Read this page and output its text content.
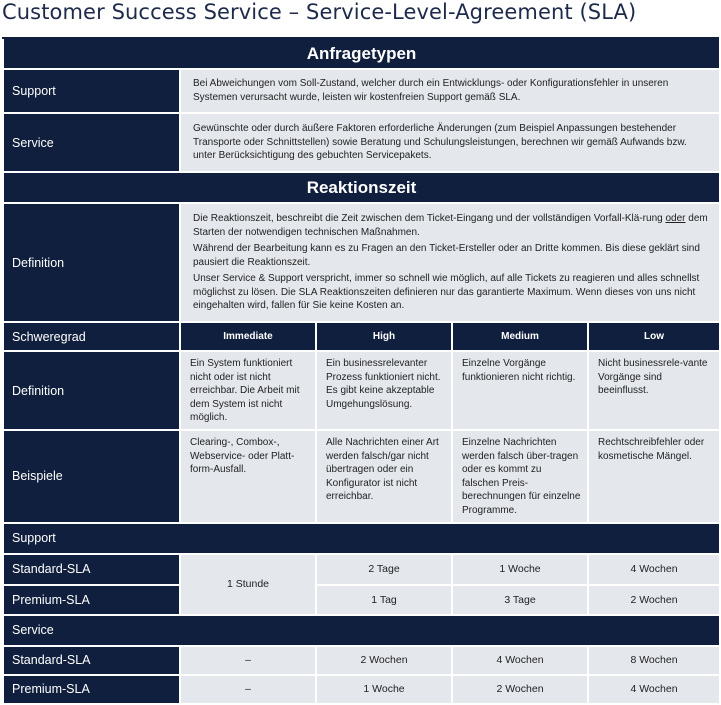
Customer Success Service – Service-Level-Agreement (SLA)
Anfragetypen				
Support	Bei Abweichungen vom Soll-Zustand, welcher durch ein Entwicklungs- oder Konfigurationsfehler in unseren Systemen verursacht wurde, leisten wir kostenfreien Support gemäß SLA.			
Service	Gewünschte oder durch äußere Faktoren erforderliche Änderungen (zum Beispiel Anpassungen bestehender Transporte oder Schnittstellen) sowie Beratung und Schulungsleistungen, berechnen wir gemäß Aufwands bzw. unter Berücksichtigung des gebuchten Servicepakets.			
Reaktionszeit				
Definition	Die Reaktionszeit, beschreibt die Zeit zwischen dem Ticket-Eingang und der vollständigen Vorfall-Klä-rung oder dem Starten der notwendigen technischen Maßnahmen.

Während der Bearbeitung kann es zu Fragen an den Ticket-Ersteller oder an Dritte kommen. Bis diese geklärt sind pausiert die Reaktionszeit.

Unser Service & Support verspricht, immer so schnell wie möglich, auf alle Tickets zu reagieren und alles schnellst möglichst zu lösen. Die SLA Reaktionszeiten definieren nur das garantierte Maximum. Wenn dieses von uns nicht eingehalten wird, fallen für Sie keine Kosten an.			

Schweregrad	Immediate	High	Medium	Low
Definition	Ein System funktioniert nicht oder ist nicht erreichbar. Die Arbeit mit dem System ist nicht möglich.	Ein businessrelevanter Prozess funktioniert nicht. Es gibt keine akzeptable Umgehungslösung.	Einzelne Vorgänge funktionieren nicht richtig.	Nicht businessrele-vante Vorgänge sind beeinflusst.
Beispiele	Clearing-, Combox-, Webservice- oder Platt-form-Ausfall.	Alle Nachrichten einer Art werden falsch/gar nicht übertragen oder ein Konfigurator ist nicht erreichbar.	Einzelne Nachrichten werden falsch über-tragen oder es kommt zu falschen Preis-berechnungen für einzelne Programme.	Rechtschreibfehler oder kosmetische Mängel.
Support				
Standard-SLA	1 Stunde	2 Tage	1 Woche	4 Wochen
Premium-SLA		1 Tag	3 Tage	2 Wochen
Service				
Standard-SLA	–	2 Wochen	4 Wochen	8 Wochen
Premium-SLA	–	1 Woche	2 Wochen	4 Wochen
